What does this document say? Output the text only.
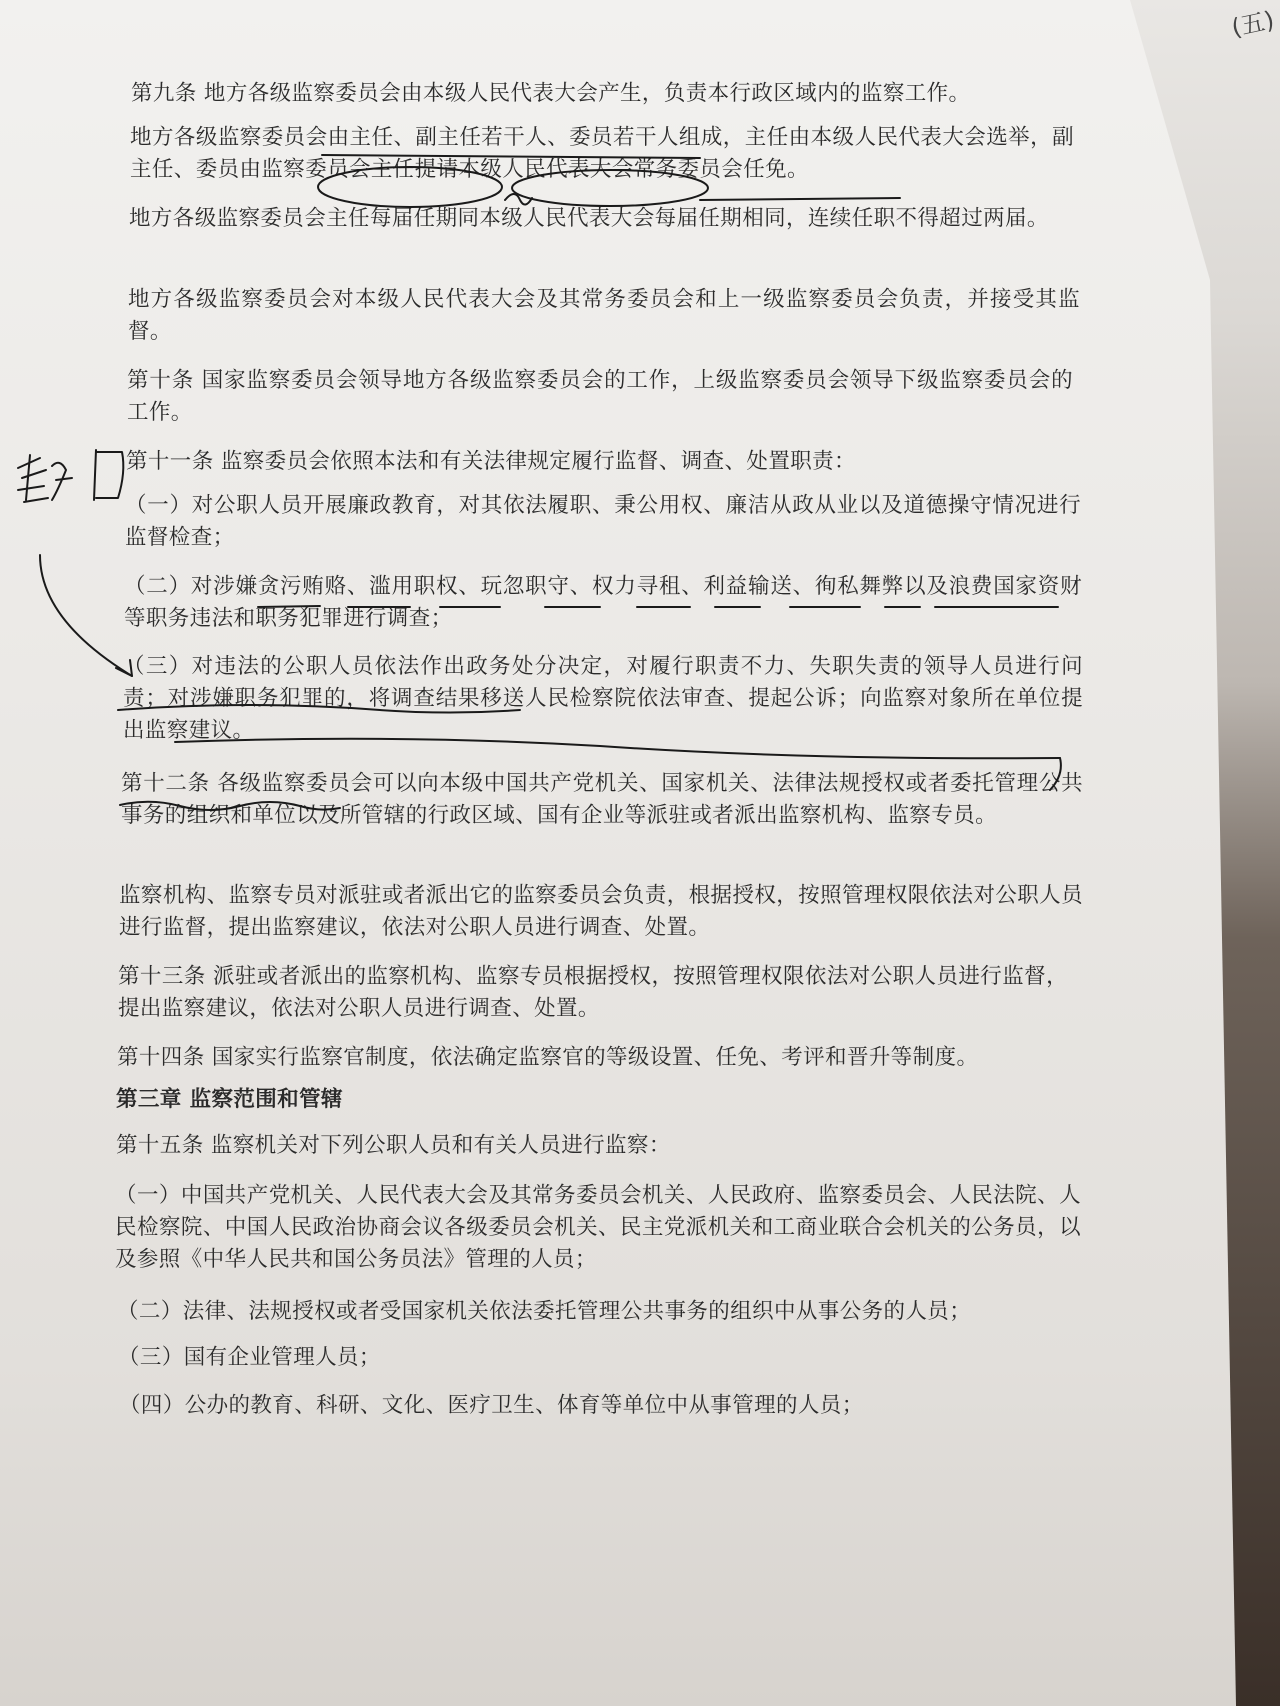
(五)

第九条 地方各级监察委员会由本级人民代表大会产生，负责本行政区域内的监察工作。

地方各级监察委员会由主任、副主任若干人、委员若干人组成，主任由本级人民代表大会选举，副主任、委员由监察委员会主任提请本级人民代表大会常务委员会任免。

地方各级监察委员会主任每届任期同本级人民代表大会每届任期相同，连续任职不得超过两届。

地方各级监察委员会对本级人民代表大会及其常务委员会和上一级监察委员会负责，并接受其监督。

第十条 国家监察委员会领导地方各级监察委员会的工作，上级监察委员会领导下级监察委员会的工作。

第十一条 监察委员会依照本法和有关法律规定履行监督、调查、处置职责：

（一）对公职人员开展廉政教育，对其依法履职、秉公用权、廉洁从政从业以及道德操守情况进行监督检查；

（二）对涉嫌贪污贿赂、滥用职权、玩忽职守、权力寻租、利益输送、徇私舞弊以及浪费国家资财等职务违法和职务犯罪进行调查；

（三）对违法的公职人员依法作出政务处分决定，对履行职责不力、失职失责的领导人员进行问责；对涉嫌职务犯罪的，将调查结果移送人民检察院依法审查、提起公诉；向监察对象所在单位提出监察建议。

第十二条 各级监察委员会可以向本级中国共产党机关、国家机关、法律法规授权或者委托管理公共事务的组织和单位以及所管辖的行政区域、国有企业等派驻或者派出监察机构、监察专员。

监察机构、监察专员对派驻或者派出它的监察委员会负责，根据授权，按照管理权限依法对公职人员进行监督，提出监察建议，依法对公职人员进行调查、处置。

第十三条 派驻或者派出的监察机构、监察专员根据授权，按照管理权限依法对公职人员进行监督，提出监察建议，依法对公职人员进行调查、处置。

第十四条 国家实行监察官制度，依法确定监察官的等级设置、任免、考评和晋升等制度。

第三章 监察范围和管辖

第十五条 监察机关对下列公职人员和有关人员进行监察：

（一）中国共产党机关、人民代表大会及其常务委员会机关、人民政府、监察委员会、人民法院、人民检察院、中国人民政治协商会议各级委员会机关、民主党派机关和工商业联合会机关的公务员，以及参照《中华人民共和国公务员法》管理的人员；

（二）法律、法规授权或者受国家机关依法委托管理公共事务的组织中从事公务的人员；

（三）国有企业管理人员；

（四）公办的教育、科研、文化、医疗卫生、体育等单位中从事管理的人员；
